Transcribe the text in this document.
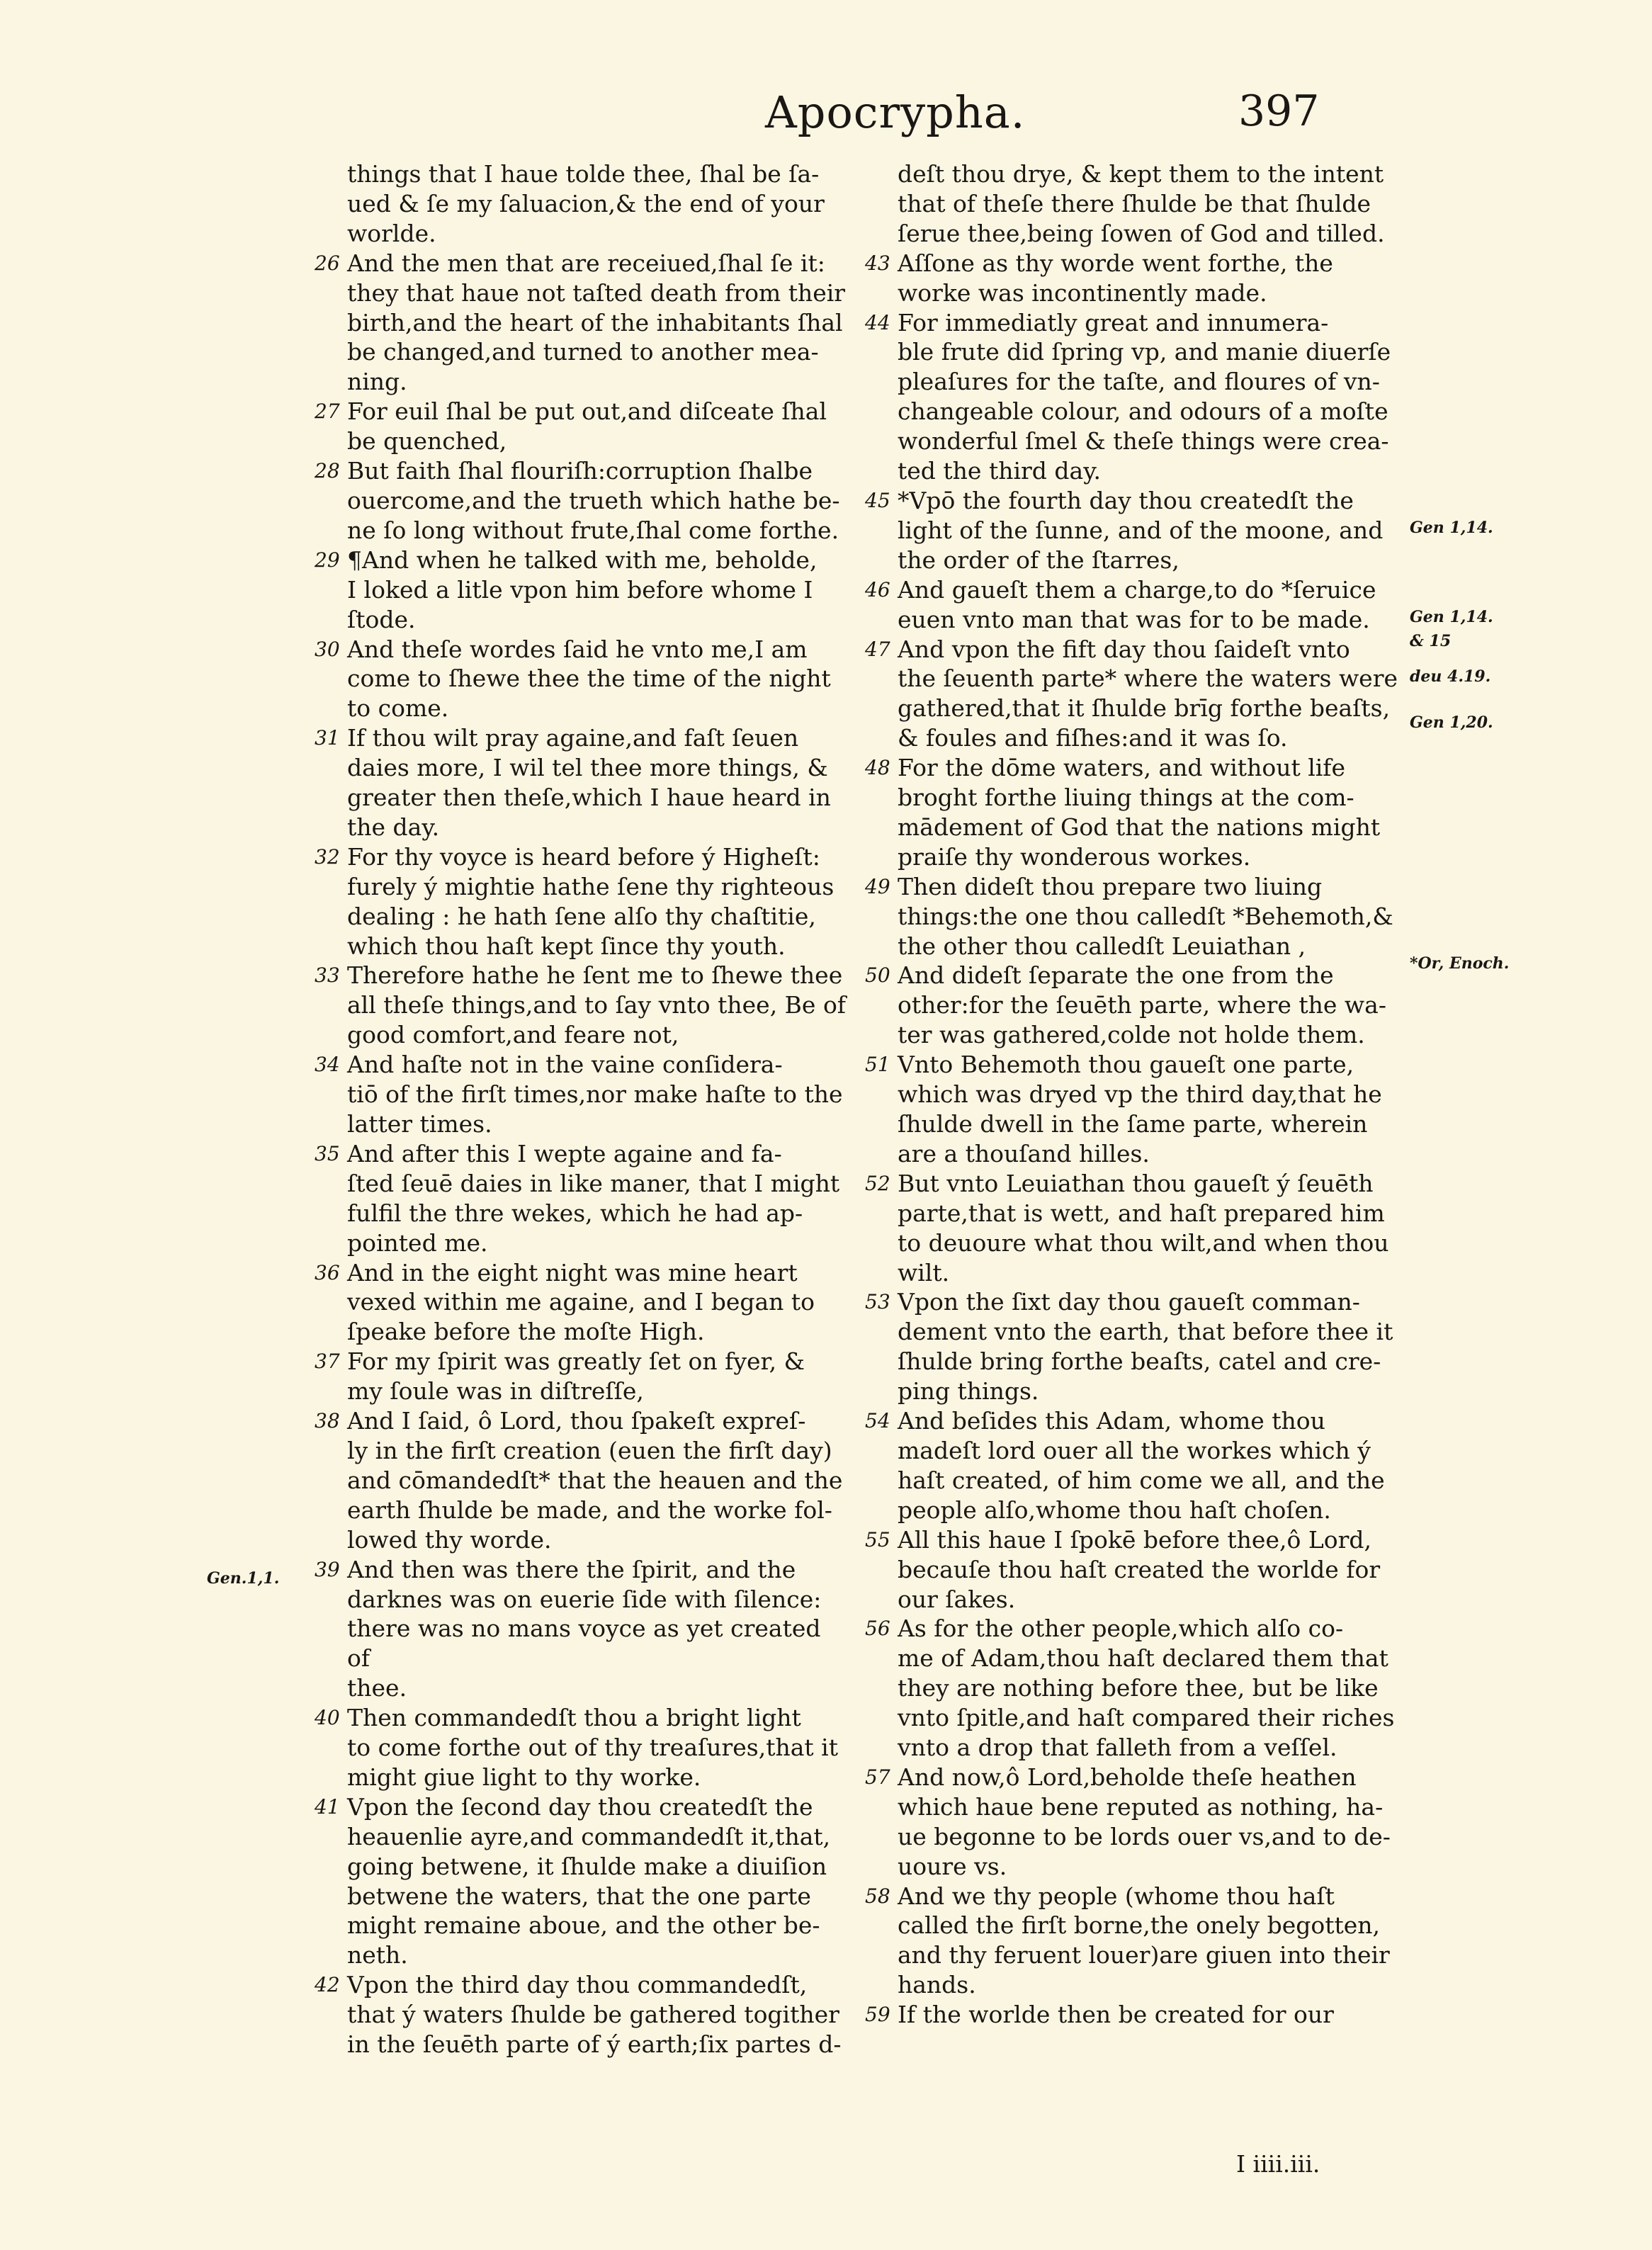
Apocrypha.	397
things that I haue tolde thee, ſhal be ſa-
ued & ſe my ſaluacion,& the end of your
worlde.
26 And the men that are receiued,ſhal ſe it:
they that haue not taſted death from their
birth,and the heart of the inhabitants ſhal
be changed,and turned to another mea-
ning.
27 For euil ſhal be put out,and diſceate ſhal
be quenched,
28 But faith ſhal flouriſh:corruption ſhalbe
ouercome,and the trueth which hathe be-
ne ſo long without frute,ſhal come forthe.
29 ¶And when he talked with me, beholde,
I loked a litle vpon him before whome I
ſtode.
30 And theſe wordes ſaid he vnto me,I am
come to ſhewe thee the time of the night
to come.
31 If thou wilt pray againe,and faſt ſeuen
daies more, I wil tel thee more things, &
greater then theſe,which I haue heard in
the day.
32 For thy voyce is heard before ý Higheſt:
furely ý mightie hathe ſene thy righteous
dealing : he hath ſene alſo thy chaſtitie,
which thou haſt kept ſince thy youth.
33 Therefore hathe he ſent me to ſhewe thee
all theſe things,and to ſay vnto thee, Be of
good comfort,and feare not,
34 And haſte not in the vaine conſidera-
tiō of the firſt times,nor make haſte to the
latter times.
35 And after this I wepte againe and fa-
ſted ſeuē daies in like maner, that I might
fulfil the thre wekes, which he had ap-
pointed me.
36 And in the eight night was mine heart
vexed within me againe, and I began to
ſpeake before the moſte High.
37 For my ſpirit was greatly ſet on fyer, &
my ſoule was in diſtreſſe,
38 And I ſaid, ô Lord, thou ſpakeſt expreſ-
ly in the firſt creation (euen the firſt day)
and cōmandedſt* that the heauen and the
earth ſhulde be made, and the worke fol-
lowed thy worde.
39 And then was there the ſpirit, and the
darknes was on euerie ſide with ſilence:
there was no mans voyce as yet created of
thee.
40 Then commandedſt thou a bright light
to come forthe out of thy treaſures,that it
might giue light to thy worke.
41 Vpon the ſecond day thou createdſt the
heauenlie ayre,and commandedſt it,that,
going betwene, it ſhulde make a diuiſion
betwene the waters, that the one parte
might remaine aboue, and the other be-
neth.
42 Vpon the third day thou commandedſt,
that ý waters ſhulde be gathered togither
in the ſeuēth parte of ý earth;ſix partes d-
deſt thou drye, & kept them to the intent
that of theſe there ſhulde be that ſhulde
ſerue thee,being ſowen of God and tilled.
43 Aſſone as thy worde went forthe, the
worke was incontinently made.
44 For immediatly great and innumera-
ble frute did ſpring vp, and manie diuerſe
pleaſures for the taſte, and floures of vn-
changeable colour, and odours of a moſte
wonderful ſmel & theſe things were crea-
ted the third day.
45 *Vpō the fourth day thou createdſt the
light of the ſunne, and of the moone, and
the order of the ſtarres,
46 And gaueſt them a charge,to do *ſeruice
euen vnto man that was for to be made.
47 And vpon the fift day thou ſaideſt vnto
the ſeuenth parte* where the waters were
gathered,that it ſhulde brīg forthe beaſts,
& foules and fiſhes:and it was ſo.
48 For the dōme waters, and without life
broght forthe liuing things at the com-
mādement of God that the nations might
praiſe thy wonderous workes.
49 Then dideſt thou prepare two liuing
things:the one thou calledſt *Behemoth,&
the other thou calledſt Leuiathan ,
50 And dideſt ſeparate the one from the
other:for the ſeuēth parte, where the wa-
ter was gathered,colde not holde them.
51 Vnto Behemoth thou gaueſt one parte,
which was dryed vp the third day,that he
ſhulde dwell in the ſame parte, wherein
are a thouſand hilles.
52 But vnto Leuiathan thou gaueſt ý ſeuēth
parte,that is wett, and haſt prepared him
to deuoure what thou wilt,and when thou
wilt.
53 Vpon the ſixt day thou gaueſt comman-
dement vnto the earth, that before thee it
ſhulde bring forthe beaſts, catel and cre-
ping things.
54 And beſides this Adam, whome thou
madeſt lord ouer all the workes which ý
haſt created, of him come we all, and the
people alſo,whome thou haſt choſen.
55 All this haue I ſpokē before thee,ô Lord,
becauſe thou haſt created the worlde for
our ſakes.
56 As for the other people,which alſo co-
me of Adam,thou haſt declared them that
they are nothing before thee, but be like
vnto ſpitle,and haſt compared their riches
vnto a drop that falleth from a veſſel.
57 And now,ô Lord,beholde theſe heathen
which haue bene reputed as nothing, ha-
ue begonne to be lords ouer vs,and to de-
uoure vs.
58 And we thy people (whome thou haſt
called the firſt borne,the onely begotten,
and thy feruent louer)are giuen into their
hands.
59 If the worlde then be created for our
Gen 1,14.
Gen 1,14.
& 15
deu 4.19.
Gen 1,20.
*Or, Enoch.
Gen.1,1.
I iiii.iii.
